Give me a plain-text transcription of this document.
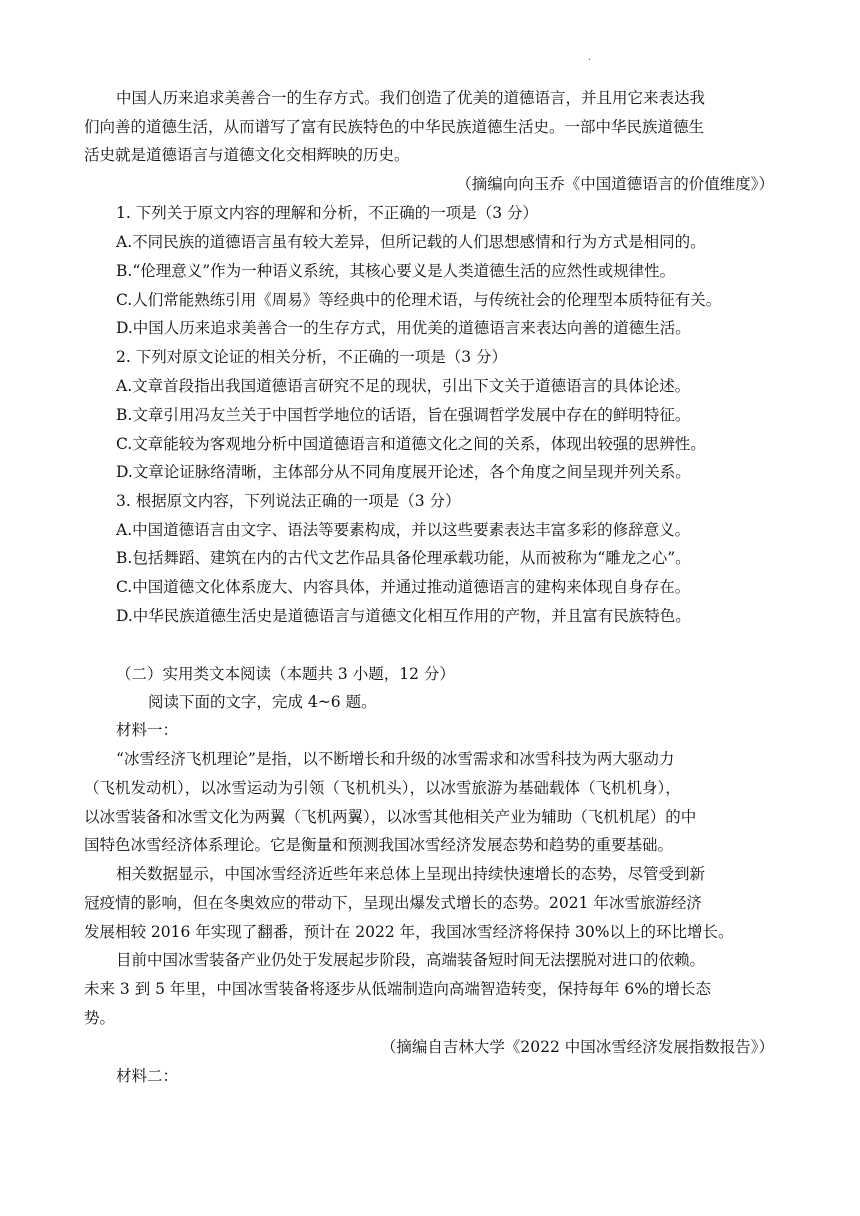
.
中国人历来追求美善合一的生存方式。我们创造了优美的道德语言，并且用它来表达我
们向善的道德生活，从而谱写了富有民族特色的中华民族道德生活史。一部中华民族道德生
活史就是道德语言与道德文化交相辉映的历史。
（摘编向向玉乔《中国道德语言的价值维度》）
1. 下列关于原文内容的理解和分析，不正确的一项是（3 分）
A.不同民族的道德语言虽有较大差异，但所记载的人们思想感情和行为方式是相同的。
B.“伦理意义”作为一种语义系统，其核心要义是人类道德生活的应然性或规律性。
C.人们常能熟练引用《周易》等经典中的伦理术语，与传统社会的伦理型本质特征有关。
D.中国人历来追求美善合一的生存方式，用优美的道德语言来表达向善的道德生活。
2. 下列对原文论证的相关分析，不正确的一项是（3 分）
A.文章首段指出我国道德语言研究不足的现状，引出下文关于道德语言的具体论述。
B.文章引用冯友兰关于中国哲学地位的话语，旨在强调哲学发展中存在的鲜明特征。
C.文章能较为客观地分析中国道德语言和道德文化之间的关系，体现出较强的思辨性。
D.文章论证脉络清晰，主体部分从不同角度展开论述，各个角度之间呈现并列关系。
3. 根据原文内容，下列说法正确的一项是（3 分）
A.中国道德语言由文字、语法等要素构成，并以这些要素表达丰富多彩的修辞意义。
B.包括舞蹈、建筑在内的古代文艺作品具备伦理承载功能，从而被称为“雕龙之心”。
C.中国道德文化体系庞大、内容具体，并通过推动道德语言的建构来体现自身存在。
D.中华民族道德生活史是道德语言与道德文化相互作用的产物，并且富有民族特色。
（二）实用类文本阅读（本题共 3 小题，12 分）
阅读下面的文字，完成 4~6 题。
材料一：
“冰雪经济飞机理论”是指，以不断增长和升级的冰雪需求和冰雪科技为两大驱动力
（飞机发动机），以冰雪运动为引领（飞机机头），以冰雪旅游为基础载体（飞机机身），
以冰雪装备和冰雪文化为两翼（飞机两翼），以冰雪其他相关产业为辅助（飞机机尾）的中
国特色冰雪经济体系理论。它是衡量和预测我国冰雪经济发展态势和趋势的重要基础。
相关数据显示，中国冰雪经济近些年来总体上呈现出持续快速增长的态势，尽管受到新
冠疫情的影响，但在冬奥效应的带动下，呈现出爆发式增长的态势。2021 年冰雪旅游经济
发展相较 2016 年实现了翻番，预计在 2022 年，我国冰雪经济将保持 30%以上的环比增长。
目前中国冰雪装备产业仍处于发展起步阶段，高端装备短时间无法摆脱对进口的依赖。
未来 3 到 5 年里，中国冰雪装备将逐步从低端制造向高端智造转变，保持每年 6%的增长态
势。
（摘编自吉林大学《2022 中国冰雪经济发展指数报告》）
材料二：
